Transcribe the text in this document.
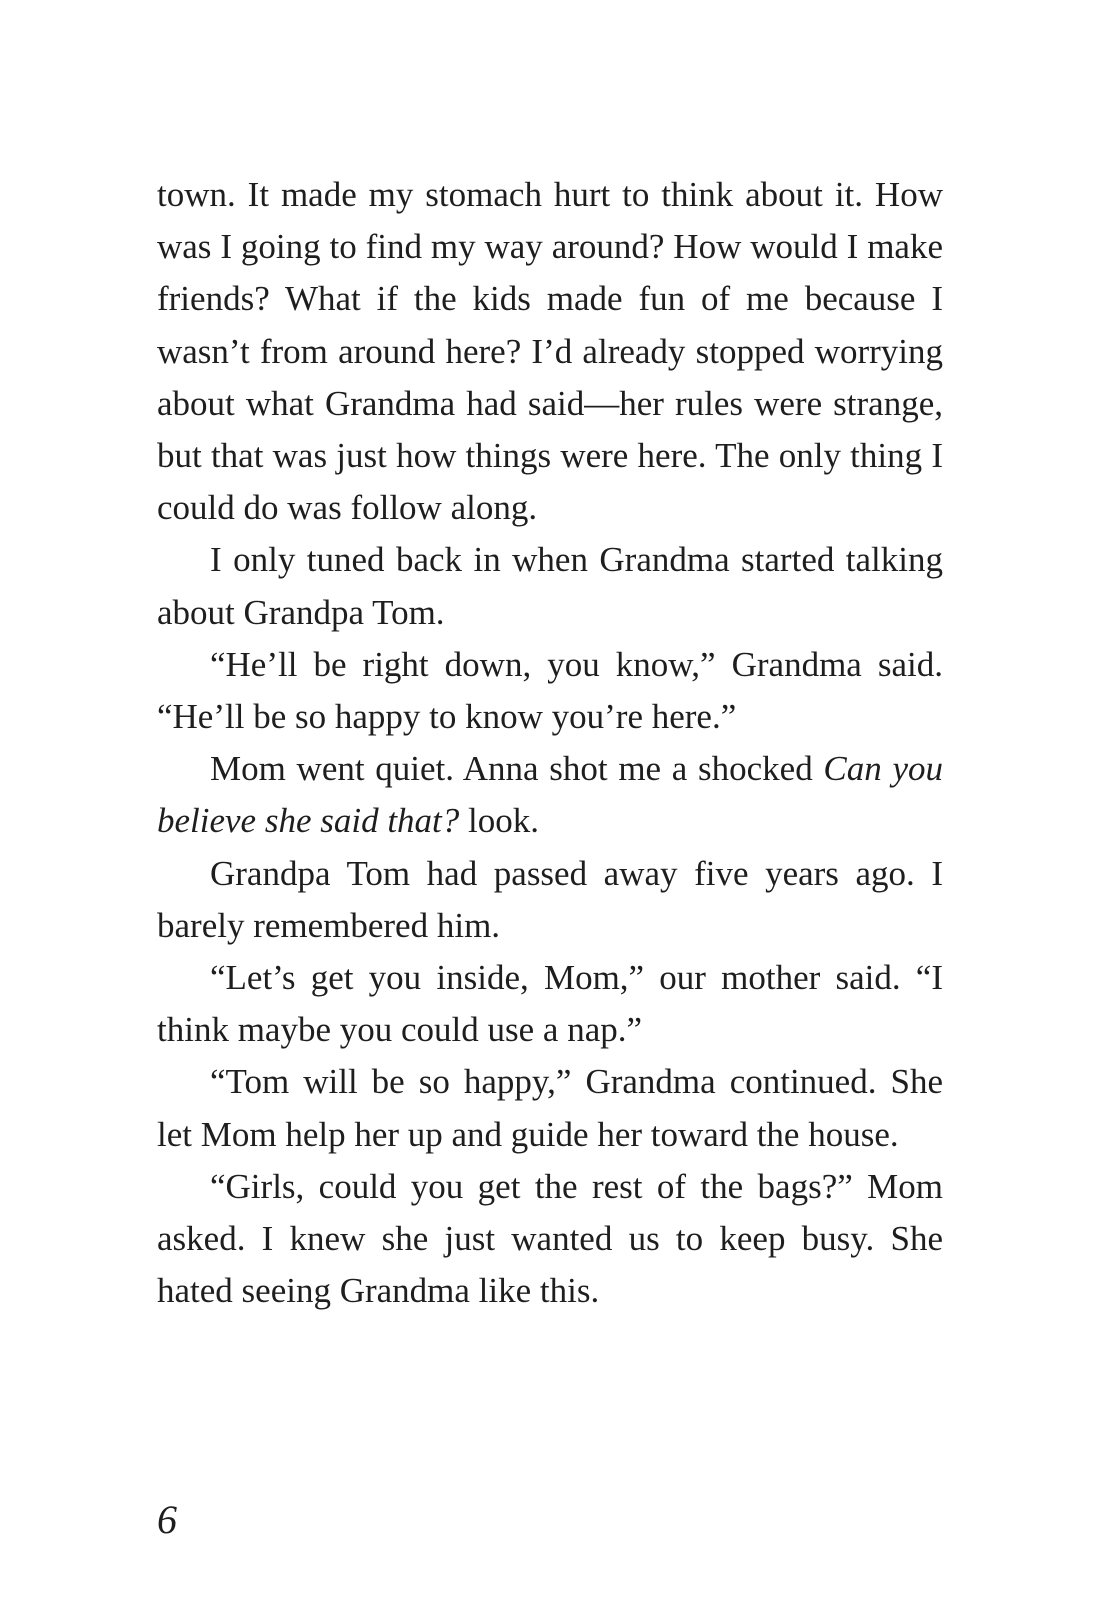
town. It made my stomach hurt to think about it. How was I going to find my way around? How would I make friends? What if the kids made fun of me because I wasn’t from around here? I’d already stopped worrying about what Grandma had said—her rules were strange, but that was just how things were here. The only thing I could do was follow along.

I only tuned back in when Grandma started talking about Grandpa Tom.

“He’ll be right down, you know,” Grandma said. “He’ll be so happy to know you’re here.”

Mom went quiet. Anna shot me a shocked Can you believe she said that? look.

Grandpa Tom had passed away five years ago. I barely remembered him.

“Let’s get you inside, Mom,” our mother said. “I think maybe you could use a nap.”

“Tom will be so happy,” Grandma continued. She let Mom help her up and guide her toward the house.

“Girls, could you get the rest of the bags?” Mom asked. I knew she just wanted us to keep busy. She hated seeing Grandma like this.

6
